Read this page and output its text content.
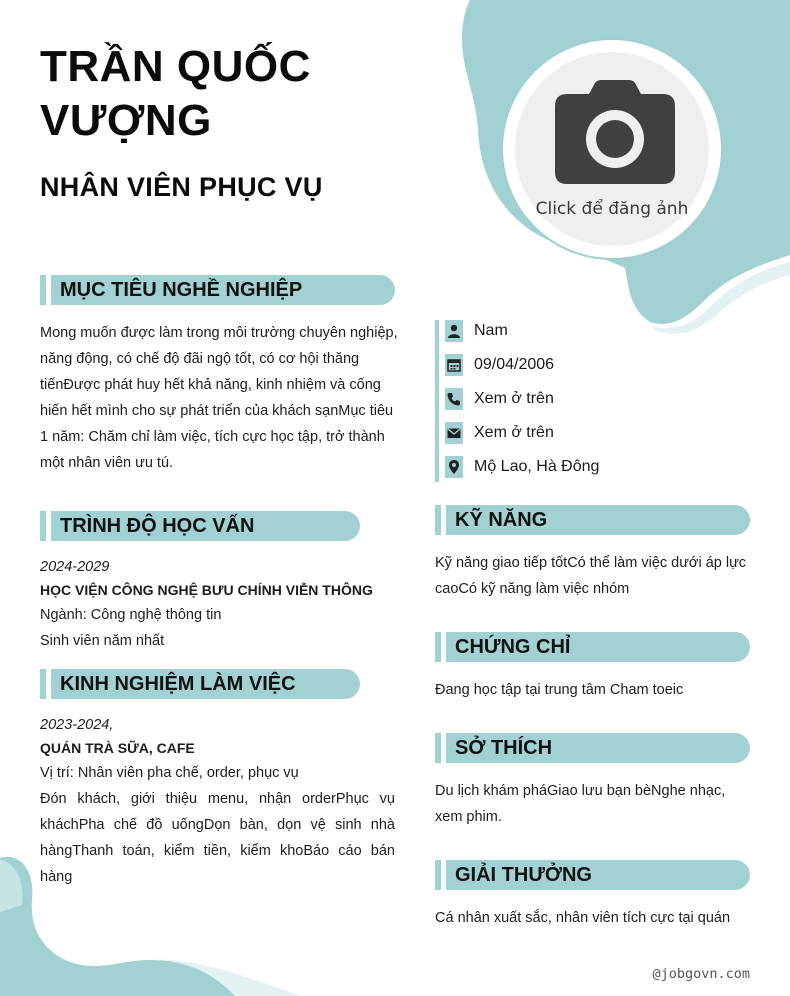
TRẦN QUỐC VƯỢNG
NHÂN VIÊN PHỤC VỤ
Click để đăng ảnh
MỤC TIÊU NGHỀ NGHIỆP
Mong muốn được làm trong môi trường chuyên nghiệp, năng động, có chế độ đãi ngộ tốt, có cơ hội thăng tiếnĐược phát huy hết khả năng, kinh nhiệm và cống hiến hết mình cho sự phát triển của khách sạnMục tiêu 1 năm: Chăm chỉ làm việc, tích cực học tập, trở thành một nhân viên ưu tú.
TRÌNH ĐỘ HỌC VẤN
2024-2029
HỌC VIỆN CÔNG NGHỆ BƯU CHÍNH VIỄN THÔNG
Ngành: Công nghệ thông tin
Sinh viên năm nhất
KINH NGHIỆM LÀM VIỆC
2023-2024,
QUÁN TRÀ SỮA, CAFE
Vị trí: Nhân viên pha chế, order, phục vụ
Đón khách, giới thiệu menu, nhận orderPhục vụ kháchPha chế đồ uốngDọn bàn, dọn vệ sinh nhà hàngThanh toán, kiểm tiền, kiểm khoBáo cáo bán hàng
Nam
09/04/2006
Xem ở trên
Xem ở trên
Mộ Lao, Hà Đông
KỸ NĂNG
Kỹ năng giao tiếp tốtCó thể làm việc dưới áp lực caoCó kỹ năng làm việc nhóm
CHỨNG CHỈ
Đang học tập tại trung tâm Cham toeic
SỞ THÍCH
Du lịch khám pháGiao lưu bạn bèNghe nhạc, xem phim.
GIẢI THƯỞNG
Cá nhân xuất sắc, nhân viên tích cực tại quán
@jobgovn.com
